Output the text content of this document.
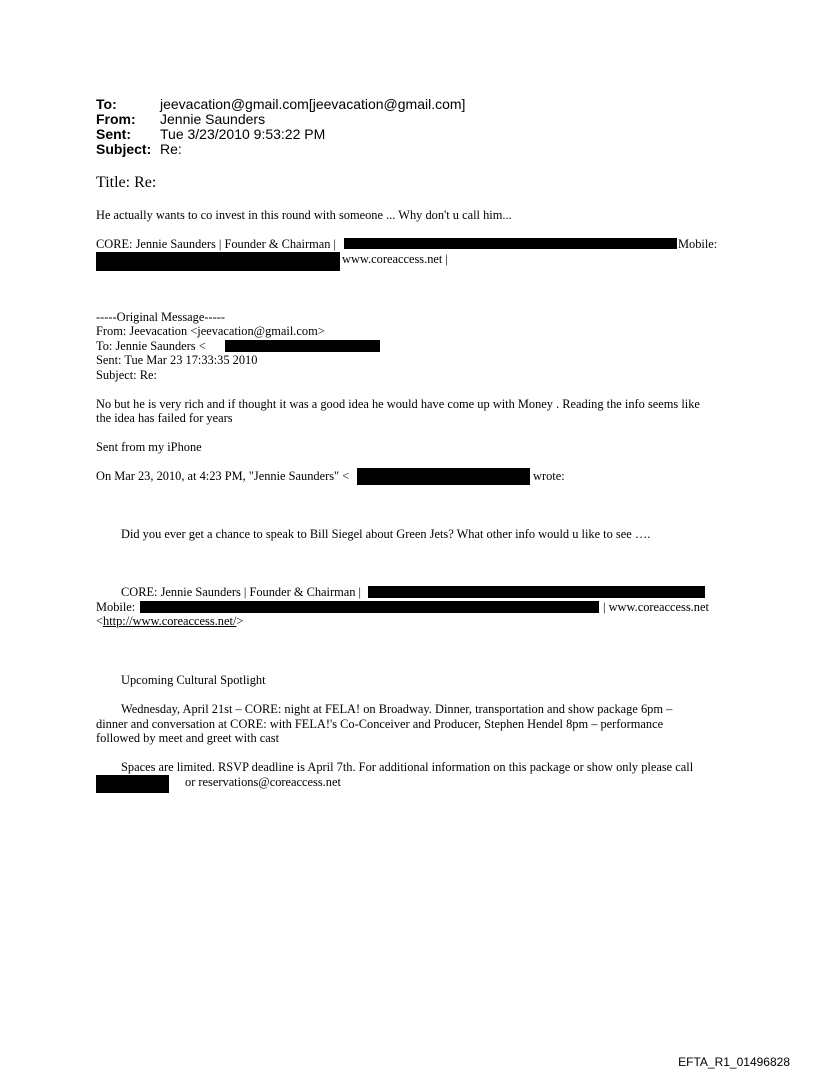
To:	jeevacation@gmail.com[jeevacation@gmail.com]
From: Jennie Saunders
Sent: Tue 3/23/2010 9:53:22 PM
Subject: Re:
Title: Re:
He actually wants to co invest in this round with someone ... Why don't u call him...
CORE: Jennie Saunders | Founder & Chairman |	Mobile:
www.coreaccess.net |
-----Original Message-----
From: Jeevacation <jeevacation@gmail.com>
To: Jennie Saunders <
Sent: Tue Mar 23 17:33:35 2010
Subject: Re:
No but he is very rich and if thought it was a good idea he would have come up with Money . Reading the info seems like
the idea has failed for years
Sent from my iPhone
On Mar 23, 2010, at 4:23 PM, "Jennie Saunders" <	wrote:
Did you ever get a chance to speak to Bill Siegel about Green Jets? What other info would u like to see ….
CORE: Jennie Saunders | Founder & Chairman |
Mobile:	| www.coreaccess.net
<http://www.coreaccess.net/>
Upcoming Cultural Spotlight
Wednesday, April 21st – CORE: night at FELA! on Broadway. Dinner, transportation and show package 6pm –
dinner and conversation at CORE: with FELA!'s Co-Conceiver and Producer, Stephen Hendel 8pm – performance
followed by meet and greet with cast
Spaces are limited. RSVP deadline is April 7th. For additional information on this package or show only please call
or reservations@coreaccess.net
EFTA_R1_01496828
